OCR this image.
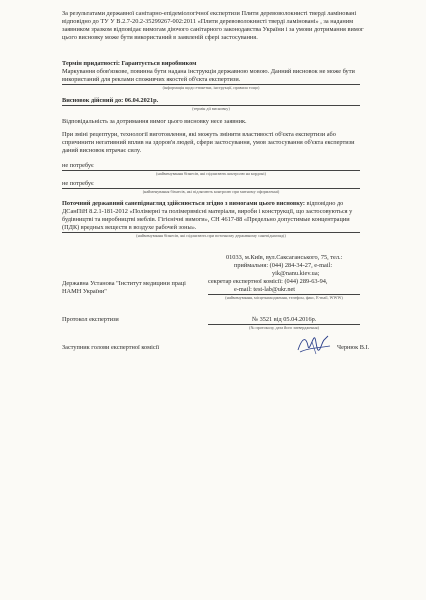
За результатами державної санітарно-епідеміологічної експертизи Плити деревоволокнисті тверді ламіновані
відповідно до ТУ У В.2.7-20.2-35299267-002:2011 «Плити деревоволокнисті тверді ламіновані» , за наданим
заявником зразком відповідає вимогам діючого санітарного законодавства України і за умови дотримання вимог
цього висновку може бути використаний в заявленій сфері застосування.
Термін придатності: Гарантується виробником
Маркування обов'язкове, повинна бути надана інструкція державною мовою. Данний висновок не може бути
використаний для реклами споживчих якостей об'єкта експертизи.
(інформація щодо етикетки, інструкції, правила тощо)
Висновок дійсний до: 06.04.2021р.
(термін дії висновку)
Відповідальність за дотримання вимог цього висновку несе заявник.
При зміні рецептури, технології виготовлення, які можуть змінити властивості об'єкта експертизи або
спричинити негативний вплив на здоров'я людей, сфери застосування, умов застосування об'єкта експертизи
даний висновок втрачає силу.
не потребує
(найменування бізнесів, які підлягають контролю на кордоні)
не потребує
(найменування бізнесів, які підлягають контролю при митному оформленні)
Поточний державний санепіднагляд здійснюється згідно з вимогами цього висновку: відповідно до
ДСанПіН 8.2.1-181-2012 «Полімерні та полімервмісні матеріали, вироби і конструкції, що застосовуються у
будівництві та виробництві меблів. Гігієнічні вимоги», СН 4617-88 «Предельно допустимые концентрации
(ПДК) вредных веществ в воздухе рабочей зоны».
(найменування бізнесів, які підлягають при поточному державному санепіднагляді)
01033, м.Київ, вул.Саксаганського, 75, тел.:
приймальня: (044) 284-34-27, e-mail:
yik@nanu.kiev.ua;
секретар експертної комісії: (044) 289-63-94,
e-mail: test-lab@ukr.net
(найменування, місцезнаходження, телефон, факс, E-mail, WWW)
Державна Установа "Інститут медицини праці
НАМН України"
Протокол експертизи	№ 3521 від 05.04.2016р.
(№ протоколу, дата його затвердження)
Заступник голови експертної комісії	Чернюк В.І.
